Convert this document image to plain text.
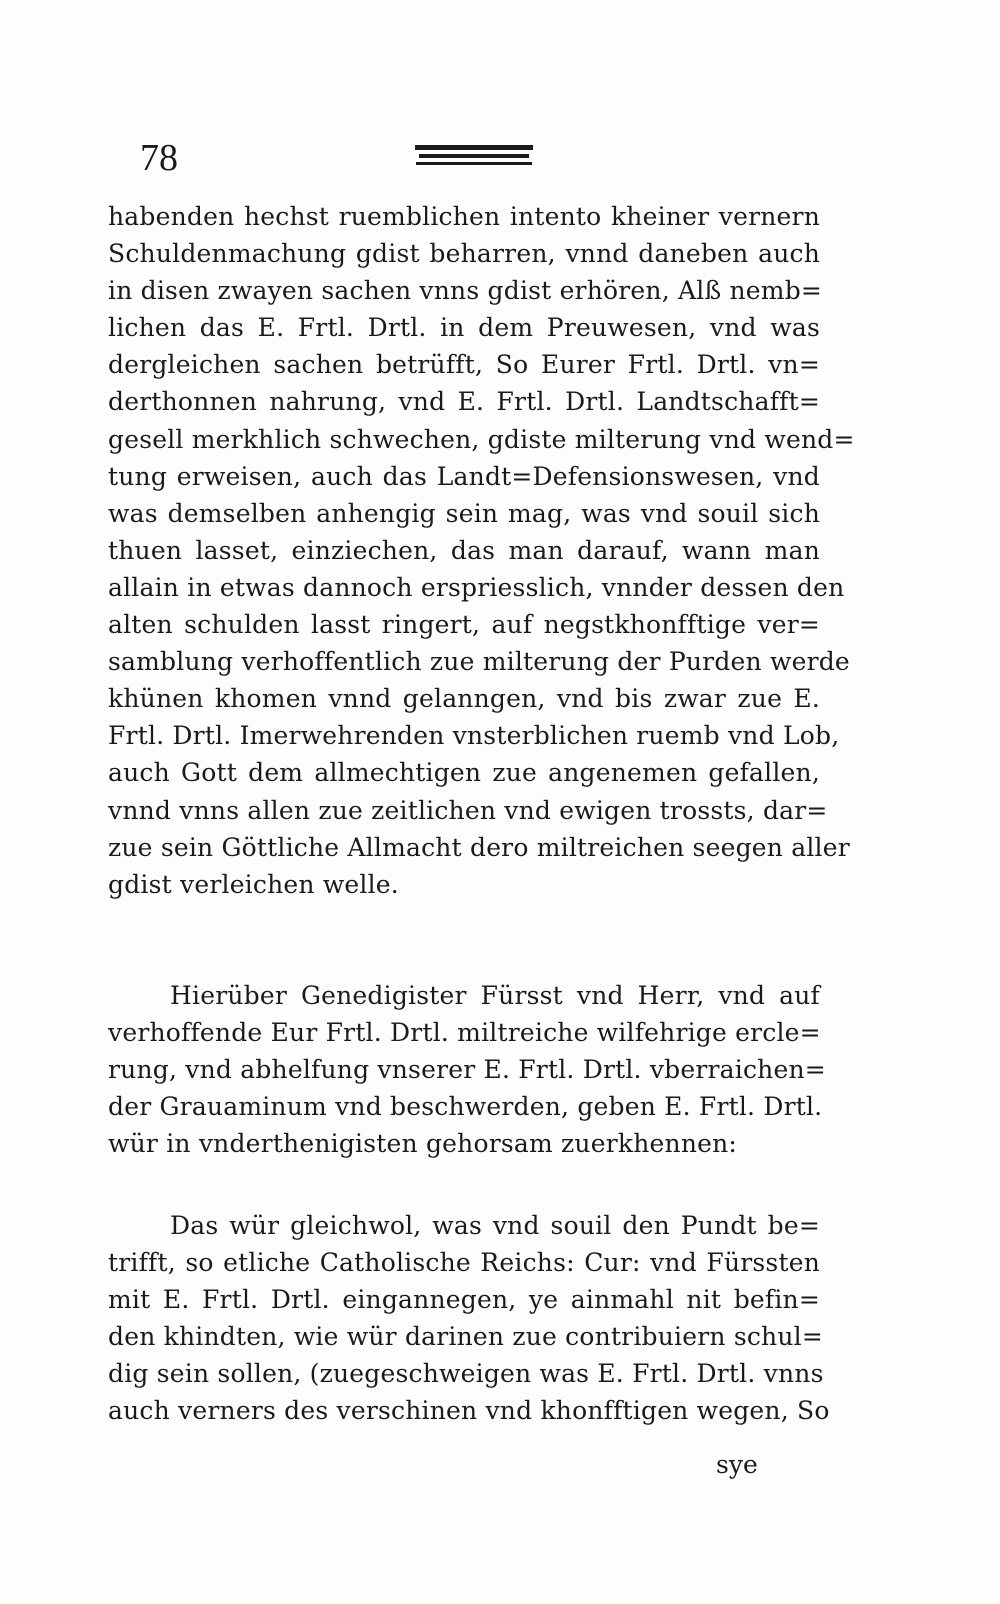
78
habenden hechst ruemblichen intento kheiner vernern
Schuldenmachung gdist beharren, vnnd daneben auch
in disen zwayen sachen vnns gdist erhören, Alß nemb=
lichen das E. Frtl. Drtl. in dem Preuwesen, vnd was
dergleichen sachen betrüfft, So Eurer Frtl. Drtl. vn=
derthonnen nahrung, vnd E. Frtl. Drtl. Landtschafft=
gesell merkhlich schwechen, gdiste milterung vnd wend=
tung erweisen, auch das Landt=Defensionswesen, vnd
was demselben anhengig sein mag, was vnd souil sich
thuen lasset, einziechen, das man darauf, wann man
allain in etwas dannoch erspriesslich, vnnder dessen den
alten schulden lasst ringert, auf negstkhonfftige ver=
samblung verhoffentlich zue milterung der Purden werde
khünen khomen vnnd gelanngen, vnd bis zwar zue E.
Frtl. Drtl. Imerwehrenden vnsterblichen ruemb vnd Lob,
auch Gott dem allmechtigen zue angenemen gefallen,
vnnd vnns allen zue zeitlichen vnd ewigen trossts, dar=
zue sein Göttliche Allmacht dero miltreichen seegen aller
gdist verleichen welle.
Hierüber Genedigister Fürsst vnd Herr, vnd auf
verhoffende Eur Frtl. Drtl. miltreiche wilfehrige ercle=
rung, vnd abhelfung vnserer E. Frtl. Drtl. vberraichen=
der Grauaminum vnd beschwerden, geben E. Frtl. Drtl.
wür in vnderthenigisten gehorsam zuerkhennen:
Das wür gleichwol, was vnd souil den Pundt be=
trifft, so etliche Catholische Reichs: Cur: vnd Fürssten
mit E. Frtl. Drtl. eingannegen, ye ainmahl nit befin=
den khindten, wie wür darinen zue contribuiern schul=
dig sein sollen, (zuegeschweigen was E. Frtl. Drtl. vnns
auch verners des verschinen vnd khonfftigen wegen, So
sye
